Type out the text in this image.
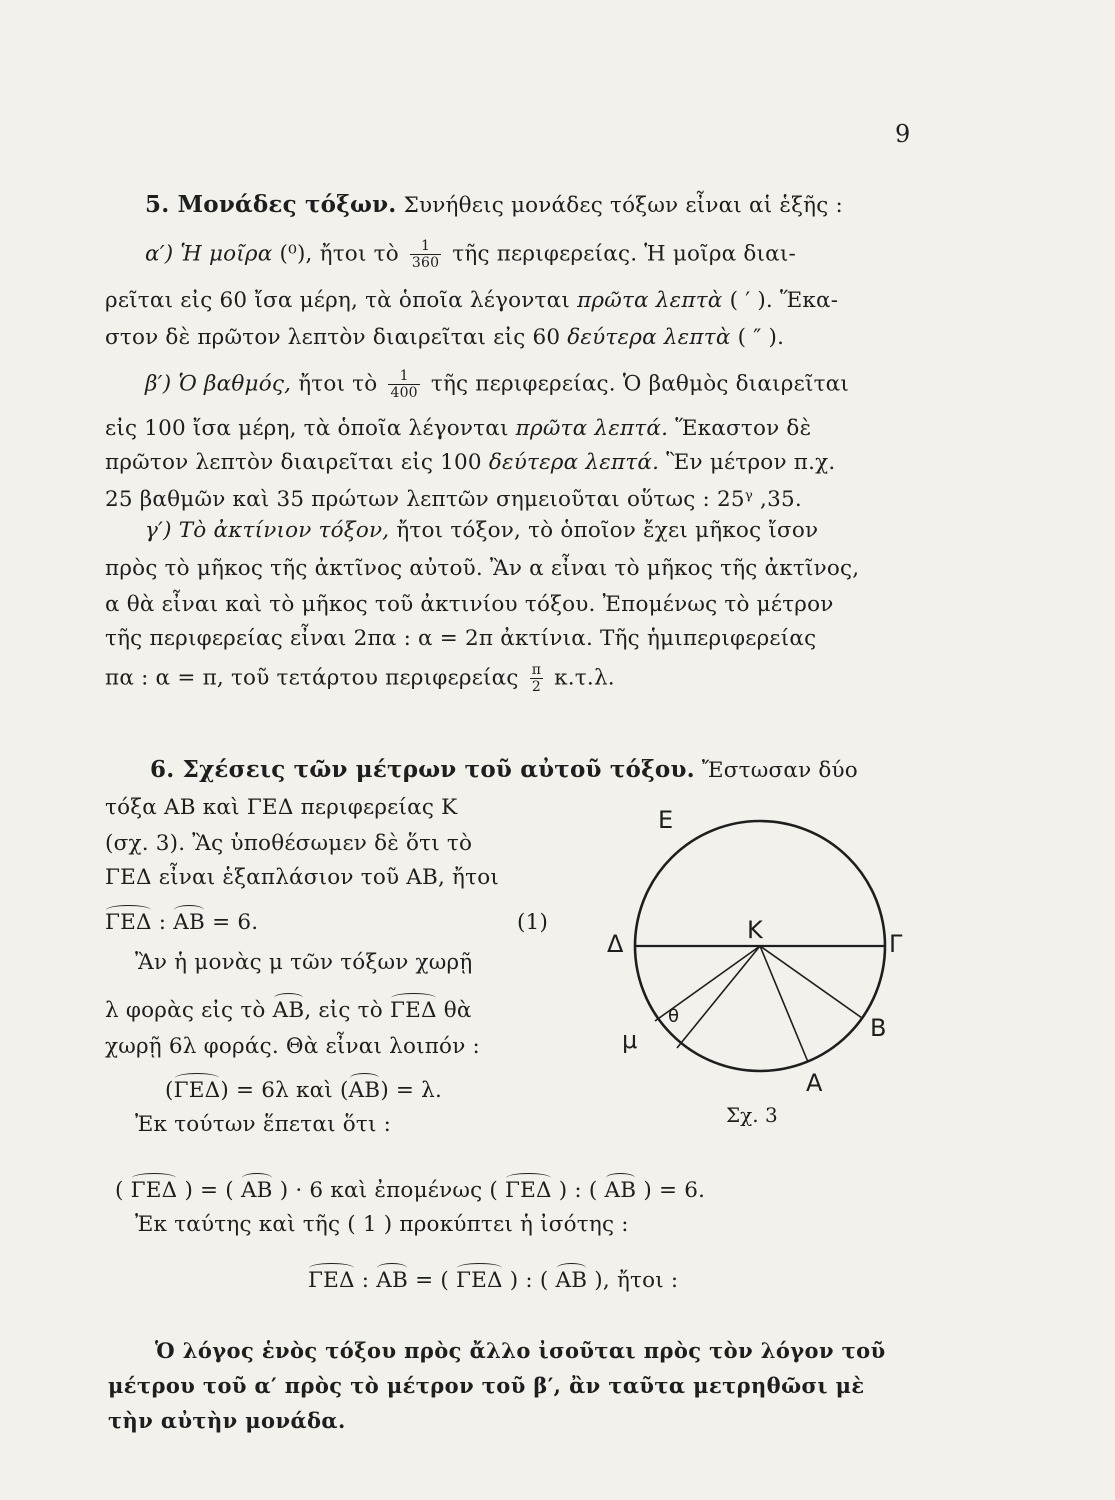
9
5. Μονάδες τόξων. Συνήθεις μονάδες τόξων εἶναι αἱ ἑξῆς :
α′) Ἡ μοῖρα (⁰), ἤτοι τὸ $\frac{1}{360}$ τῆς περιφερείας. Ἡ μοῖρα διαι-
ρεῖται εἰς 60 ἴσα μέρη, τὰ ὁποῖα λέγονται πρῶτα λεπτὰ ( ′ ). Ἕκα-
στον δὲ πρῶτον λεπτὸν διαιρεῖται εἰς 60 δεύτερα λεπτὰ ( ″ ).
β′) Ὁ βαθμός, ἤτοι τὸ $\frac{1}{400}$ τῆς περιφερείας. Ὁ βαθμὸς διαιρεῖται
εἰς 100 ἴσα μέρη, τὰ ὁποῖα λέγονται πρῶτα λεπτά. Ἕκαστον δὲ
πρῶτον λεπτὸν διαιρεῖται εἰς 100 δεύτερα λεπτά. Ἓν μέτρον π.χ.
25 βαθμῶν καὶ 35 πρώτων λεπτῶν σημειοῦται οὕτως : 25ᵞ ,35.
γ′) Τὸ ἀκτίνιον τόξον, ἤτοι τόξον, τὸ ὁποῖον ἔχει μῆκος ἴσον
πρὸς τὸ μῆκος τῆς ἀκτῖνος αὐτοῦ. Ἂν α εἶναι τὸ μῆκος τῆς ἀκτῖνος,
α θὰ εἶναι καὶ τὸ μῆκος τοῦ ἀκτινίου τόξου. Ἐπομένως τὸ μέτρον
τῆς περιφερείας εἶναι 2πα : α = 2π ἀκτίνια. Τῆς ἡμιπεριφερείας
πα : α = π, τοῦ τετάρτου περιφερείας $\frac{\pi}{2} \kappa.\tau.\lambda$.
6. Σχέσεις τῶν μέτρων τοῦ αὐτοῦ τόξου. Ἔστωσαν δύο
τόξα ΑΒ καὶ ΓΕΔ περιφερείας Κ
(σχ. 3). Ἂς ὑποθέσωμεν δὲ ὅτι τὸ
ΓΕΔ εἶναι ἑξαπλάσιον τοῦ ΑΒ, ἤτοι
ΓΕΔ : ΑΒ = 6.	(1)
Ἂν ἡ μονὰς μ τῶν τόξων χωρῇ
λ φορὰς εἰς τὸ ΑΒ, εἰς τὸ ΓΕΔ θὰ
χωρῇ 6λ φοράς. Θὰ εἶναι λοιπόν :
(ΓΕΔ) = 6λ καὶ (ΑΒ) = λ.
Ἐκ τούτων ἕπεται ὅτι :
( ΓΕΔ ) = ( ΑΒ ) · 6 καὶ ἐπομένως ( ΓΕΔ ) : ( ΑΒ ) = 6.
Ἐκ ταύτης καὶ τῆς ( 1 ) προκύπτει ἡ ἰσότης :
ΓΕΔ : ΑΒ = ( ΓΕΔ ) : ( ΑΒ ), ἤτοι :
Ὁ λόγος ἑνὸς τόξου πρὸς ἄλλο ἰσοῦται πρὸς τὸν λόγον τοῦ
μέτρου τοῦ α′ πρὸς τὸ μέτρον τοῦ β′, ἂν ταῦτα μετρηθῶσι μὲ
τὴν αὐτὴν μονάδα.
Ε
Κ
Δ	Γ
θ
μ	Β
Α
Σχ. 3
